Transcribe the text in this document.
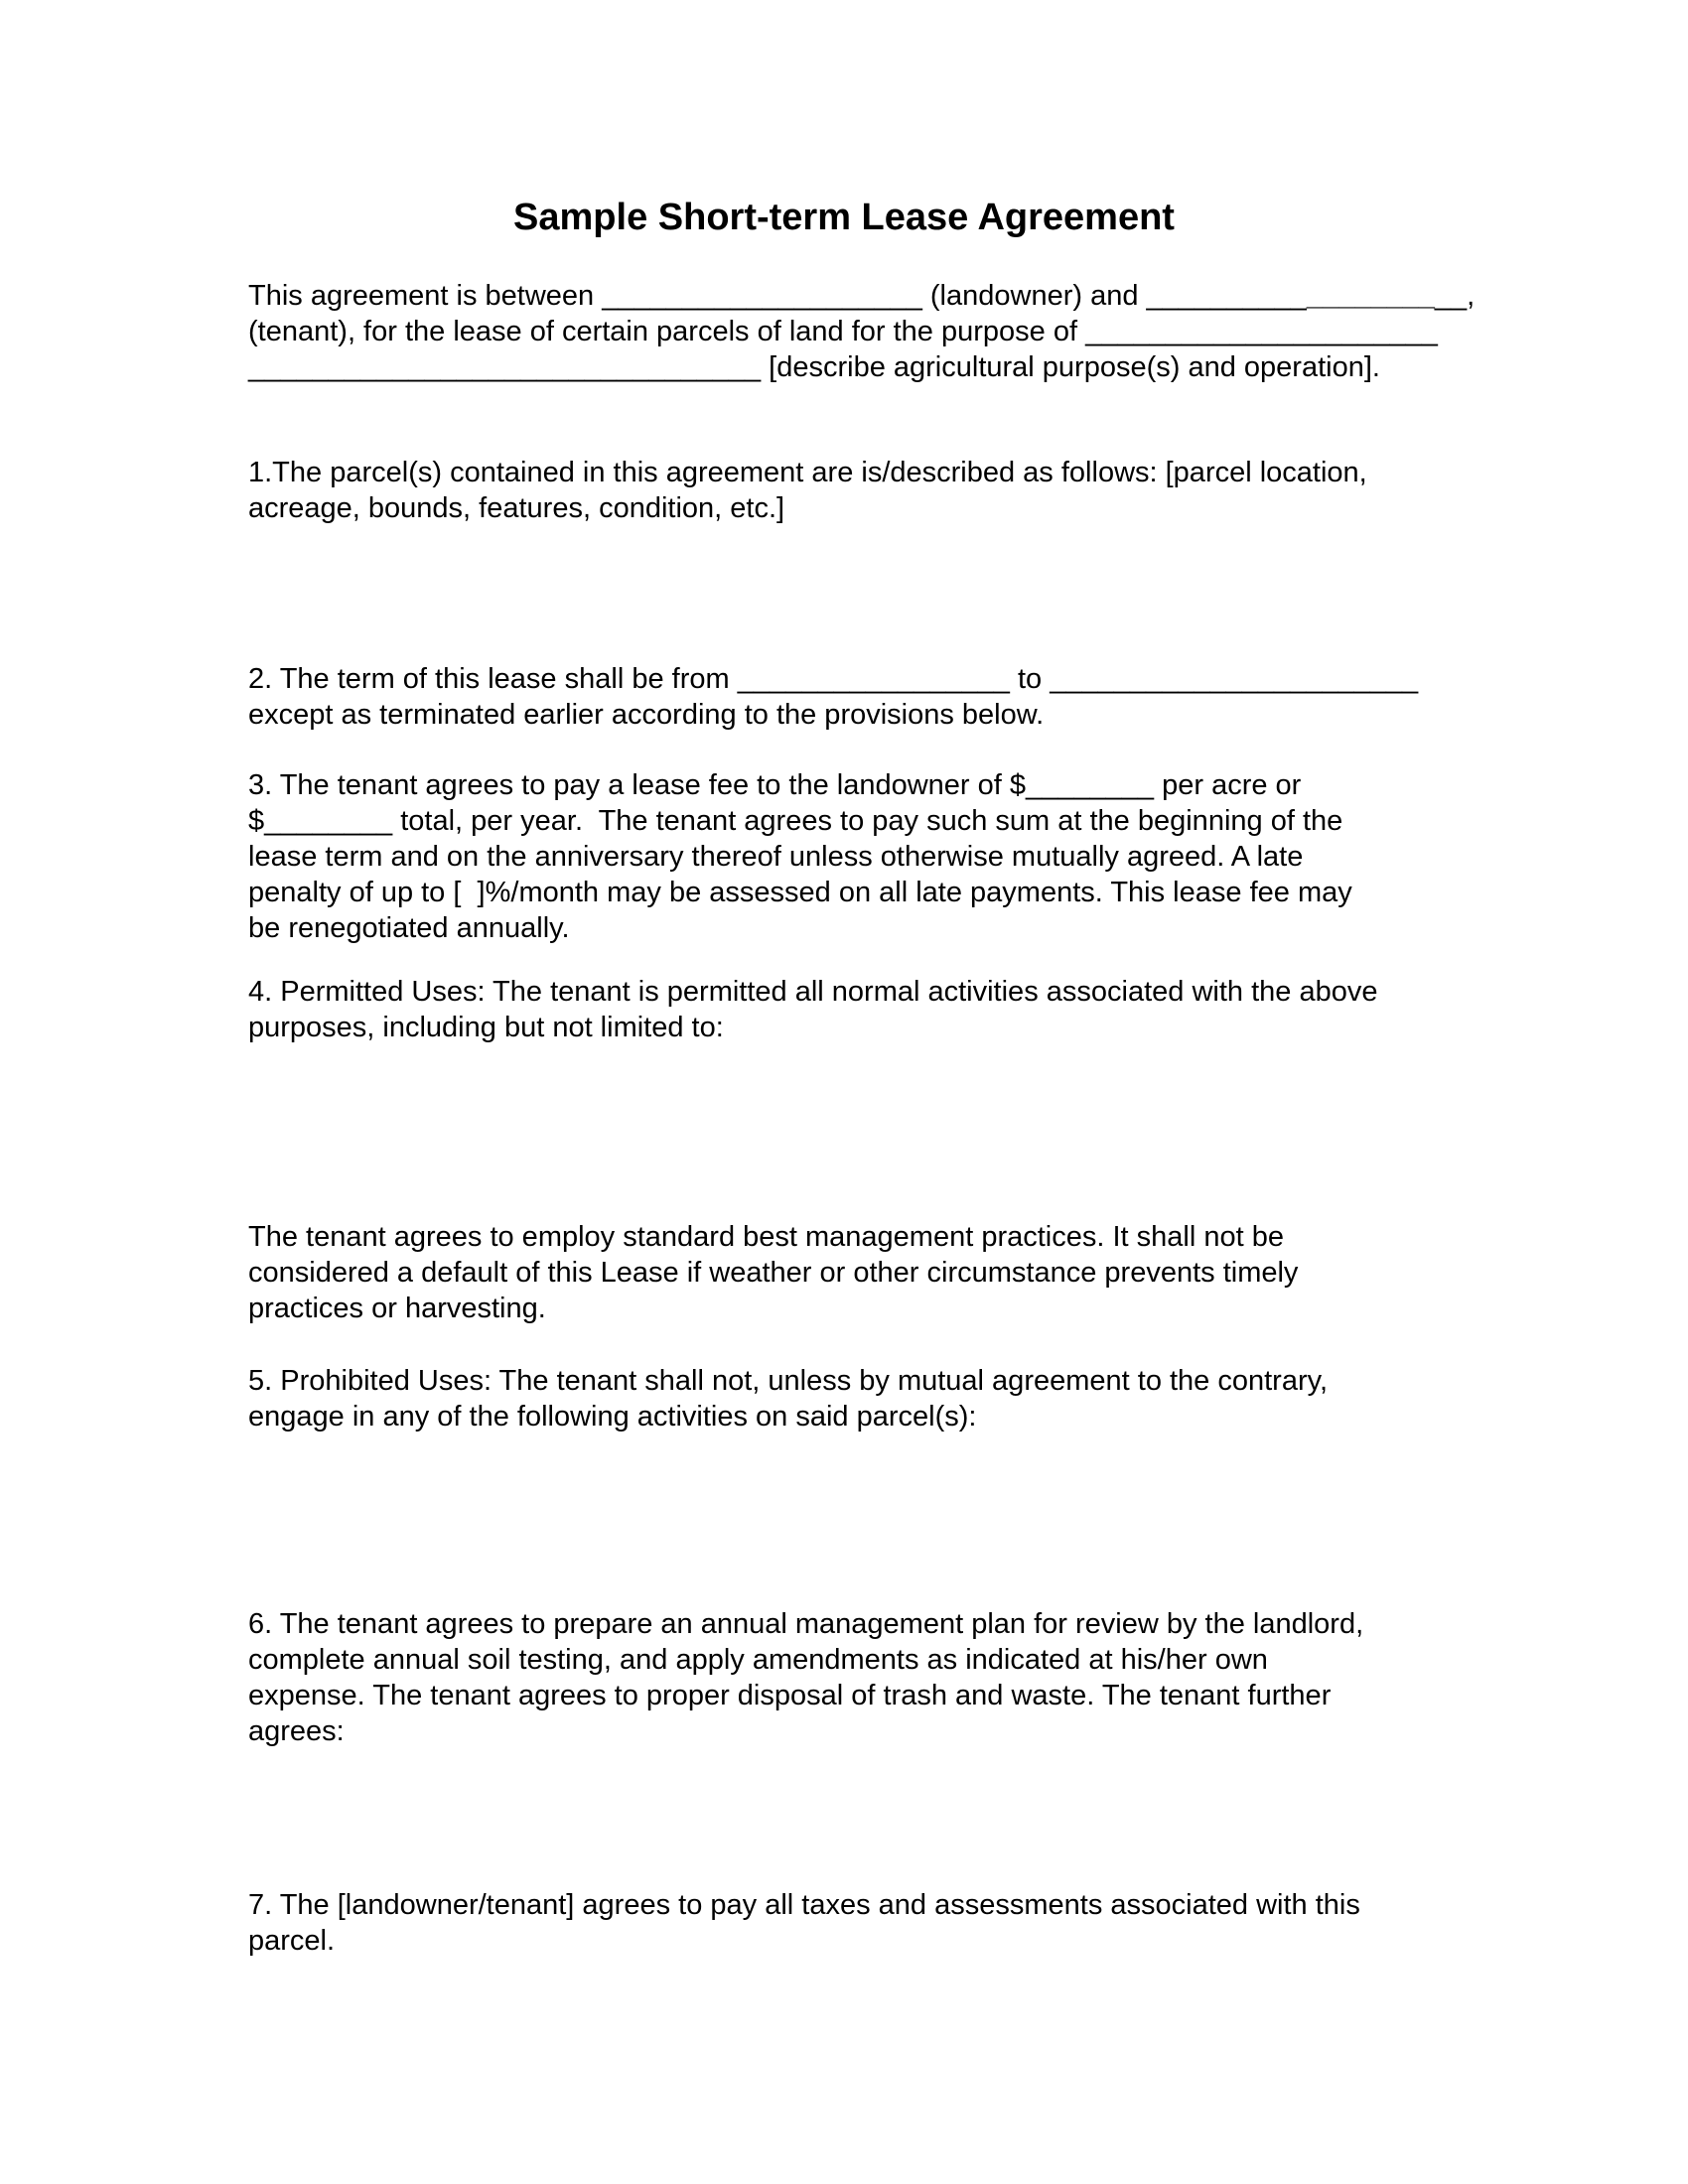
Sample Short-term Lease Agreement
This agreement is between ____________________ (landowner) and ____________________,
(tenant), for the lease of certain parcels of land for the purpose of ______________________
________________________________ [describe agricultural purpose(s) and operation].
1.The parcel(s) contained in this agreement are is/described as follows: [parcel location,
acreage, bounds, features, condition, etc.]
2. The term of this lease shall be from _________________ to _______________________
except as terminated earlier according to the provisions below.
3. The tenant agrees to pay a lease fee to the landowner of $________ per acre or
$________ total, per year.  The tenant agrees to pay such sum at the beginning of the
lease term and on the anniversary thereof unless otherwise mutually agreed. A late
penalty of up to [  ]%/month may be assessed on all late payments. This lease fee may
be renegotiated annually.
4. Permitted Uses: The tenant is permitted all normal activities associated with the above
purposes, including but not limited to:
The tenant agrees to employ standard best management practices. It shall not be
considered a default of this Lease if weather or other circumstance prevents timely
practices or harvesting.
5. Prohibited Uses: The tenant shall not, unless by mutual agreement to the contrary,
engage in any of the following activities on said parcel(s):
6. The tenant agrees to prepare an annual management plan for review by the landlord,
complete annual soil testing, and apply amendments as indicated at his/her own
expense. The tenant agrees to proper disposal of trash and waste. The tenant further
agrees:
7. The [landowner/tenant] agrees to pay all taxes and assessments associated with this
parcel.
